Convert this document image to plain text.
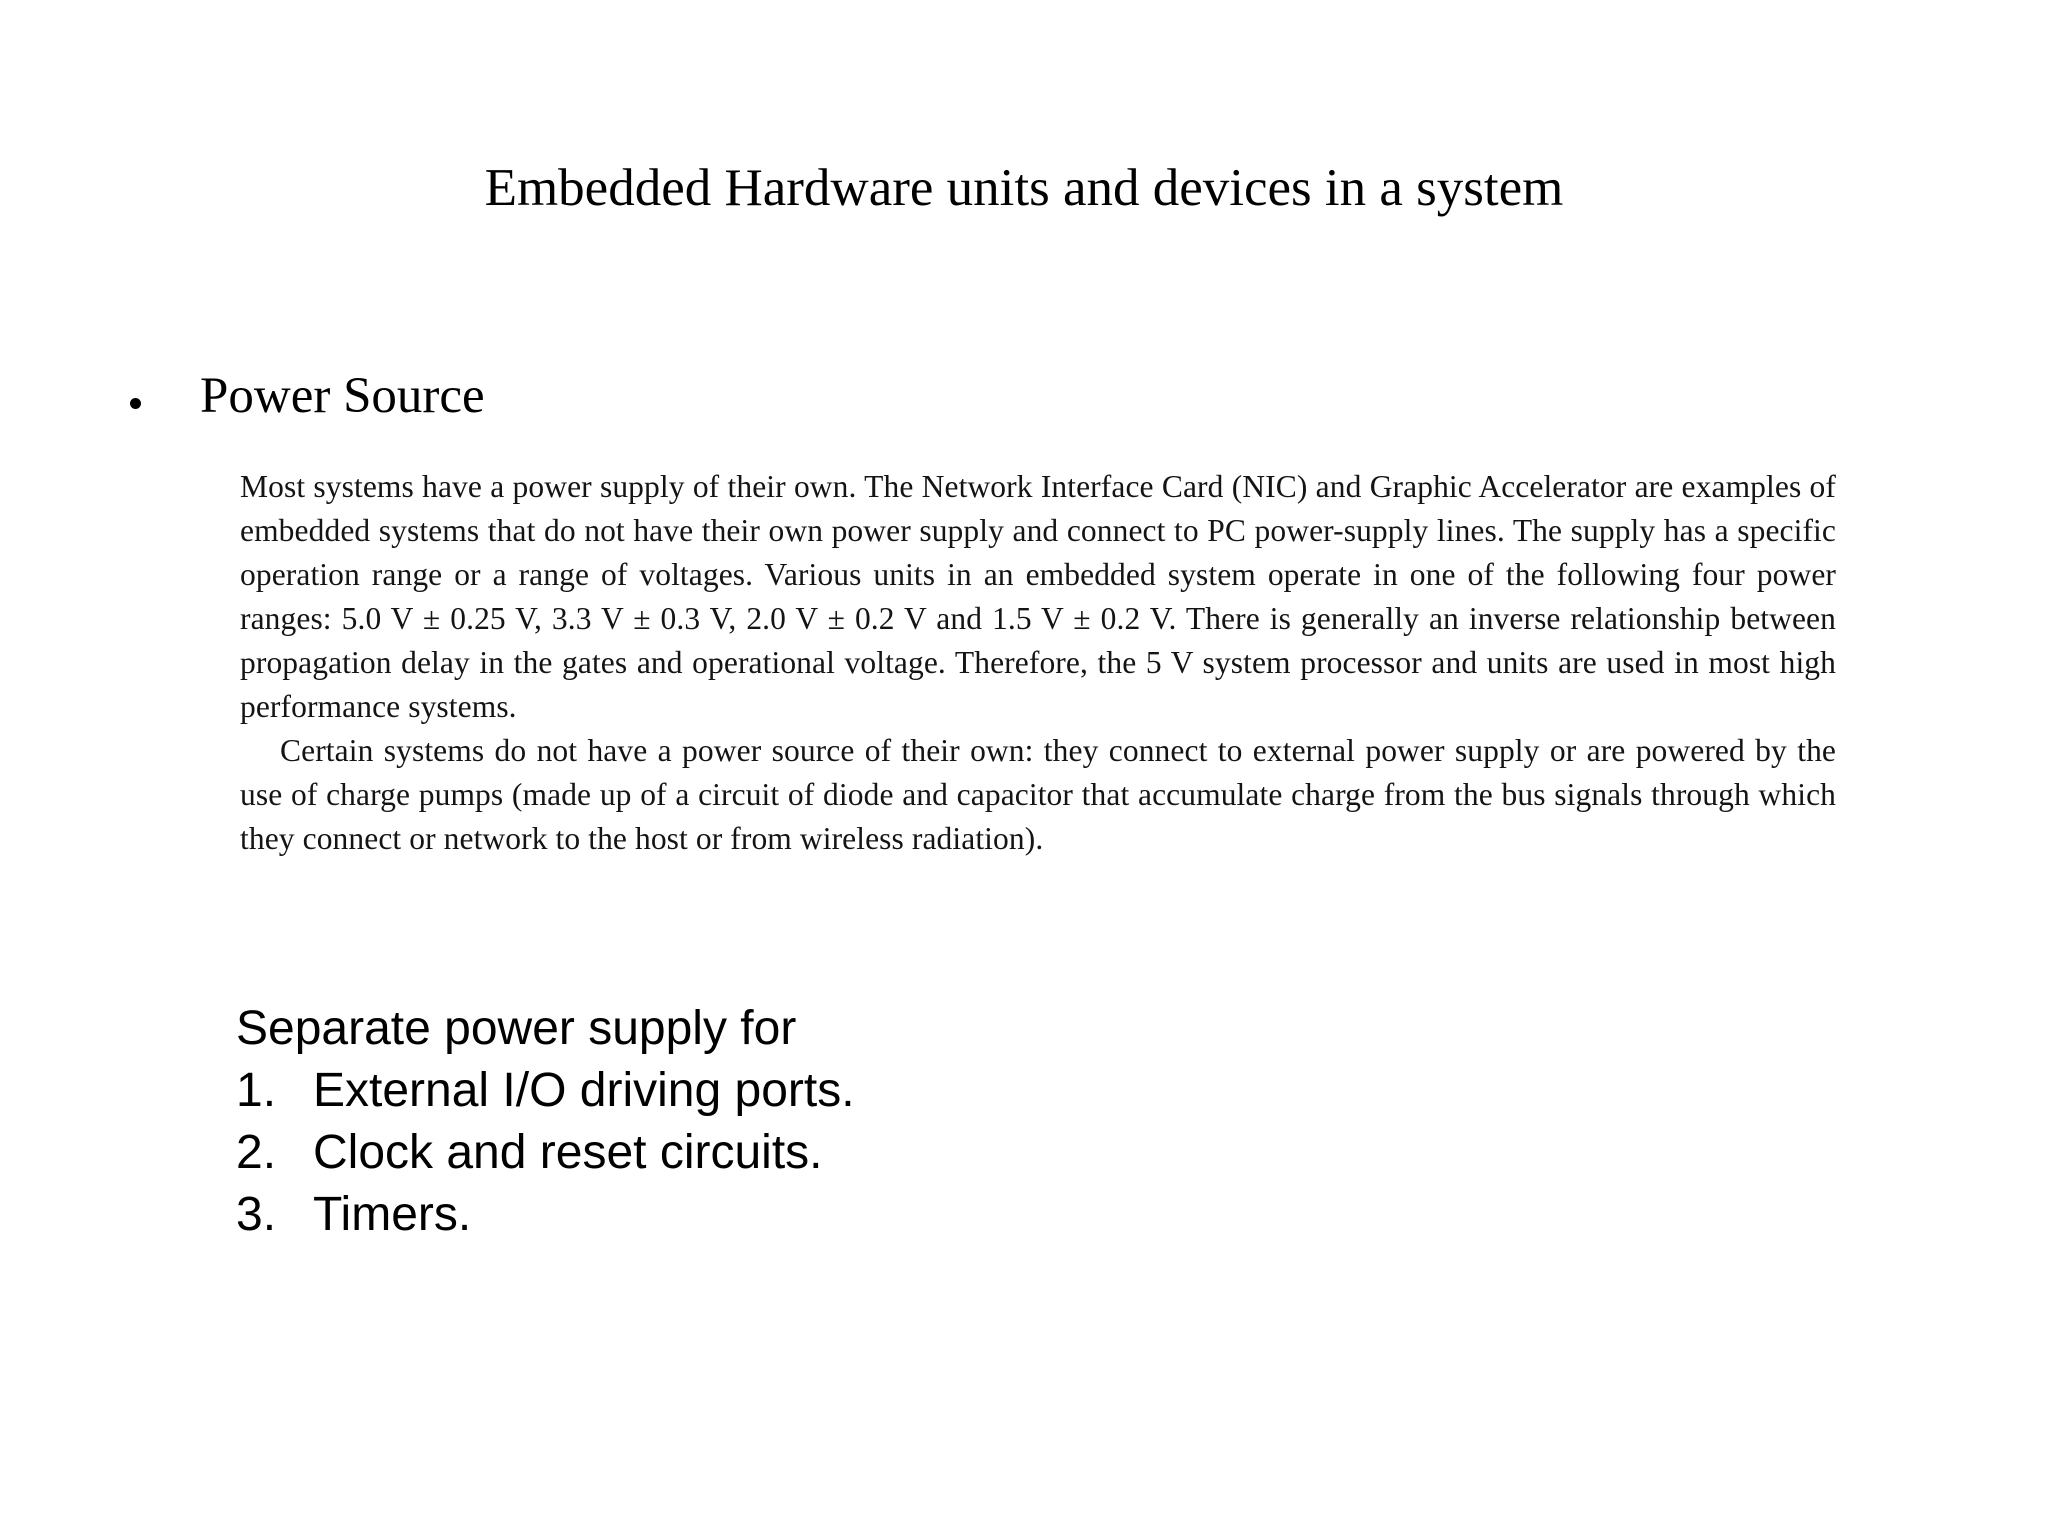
Embedded Hardware units and devices in a system
Power Source

Most systems have a power supply of their own. The Network Interface Card (NIC) and Graphic Accelerator are examples of embedded systems that do not have their own power supply and connect to PC power-supply lines. The supply has a specific operation range or a range of voltages. Various units in an embedded system operate in one of the following four power ranges: 5.0 V ± 0.25 V, 3.3 V ± 0.3 V, 2.0 V ± 0.2 V and 1.5 V ± 0.2 V. There is generally an inverse relationship between propagation delay in the gates and operational voltage. Therefore, the 5 V system processor and units are used in most high performance systems.

Certain systems do not have a power source of their own: they connect to external power supply or are powered by the use of charge pumps (made up of a circuit of diode and capacitor that accumulate charge from the bus signals through which they connect or network to the host or from wireless radiation).

Separate power supply for
1. External I/O driving ports.
2. Clock and reset circuits.
3. Timers.
